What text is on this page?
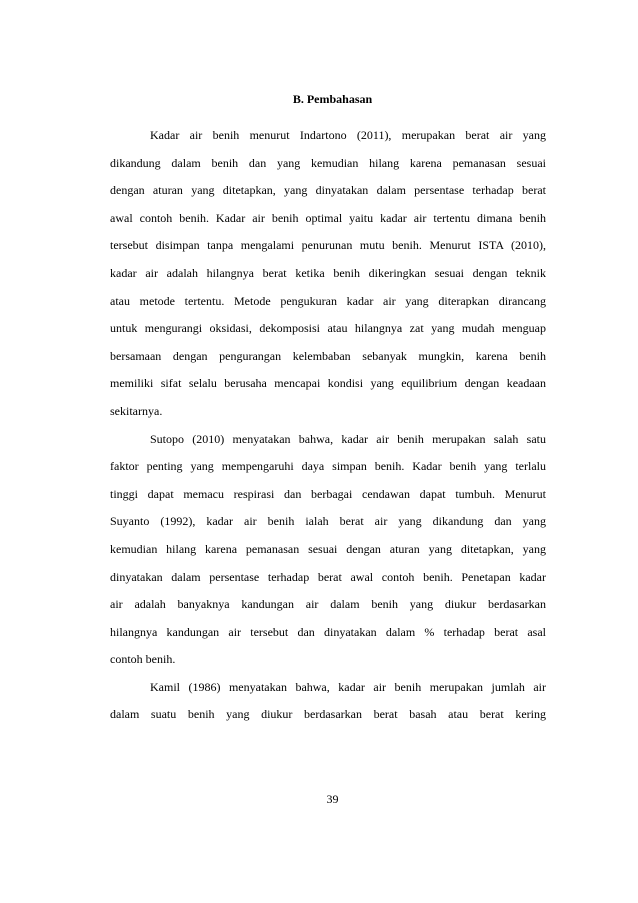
B. Pembahasan
Kadar air benih menurut Indartono (2011), merupakan berat air yang
dikandung dalam benih dan yang kemudian hilang karena pemanasan sesuai
dengan aturan yang ditetapkan, yang dinyatakan dalam persentase terhadap berat
awal contoh benih. Kadar air benih optimal yaitu kadar air tertentu dimana benih
tersebut disimpan tanpa mengalami penurunan mutu benih. Menurut ISTA (2010),
kadar air adalah hilangnya berat ketika benih dikeringkan sesuai dengan teknik
atau metode tertentu. Metode pengukuran kadar air yang diterapkan dirancang
untuk mengurangi oksidasi, dekomposisi atau hilangnya zat yang mudah menguap
bersamaan dengan pengurangan kelembaban sebanyak mungkin, karena benih
memiliki sifat selalu berusaha mencapai kondisi yang equilibrium dengan keadaan
sekitarnya.
Sutopo (2010) menyatakan bahwa, kadar air benih merupakan salah satu
faktor penting yang mempengaruhi daya simpan benih. Kadar benih yang terlalu
tinggi dapat memacu respirasi dan berbagai cendawan dapat tumbuh. Menurut
Suyanto (1992), kadar air benih ialah berat air yang dikandung dan yang
kemudian hilang karena pemanasan sesuai dengan aturan yang ditetapkan, yang
dinyatakan dalam persentase terhadap berat awal contoh benih. Penetapan kadar
air adalah banyaknya kandungan air dalam benih yang diukur berdasarkan
hilangnya kandungan air tersebut dan dinyatakan dalam % terhadap berat asal
contoh benih.
Kamil (1986) menyatakan bahwa, kadar air benih merupakan jumlah air
dalam suatu benih yang diukur berdasarkan berat basah atau berat kering
39
